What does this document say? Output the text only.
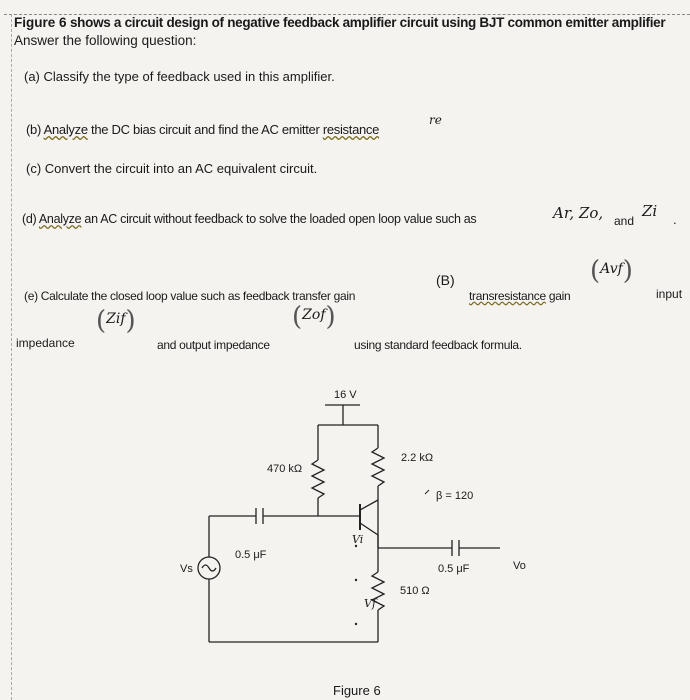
Figure 6 shows a circuit design of negative feedback amplifier circuit using BJT common emitter amplifier
Answer the following question:
(a) Classify the type of feedback used in this amplifier.
(b) Analyze the DC bias circuit and find the AC emitter resistance
re
(c) Convert the circuit into an AC equivalent circuit.
(d) Analyze an AC circuit without feedback to solve the loaded open loop value such as	Ar, Zo, and
Zi .
(e) Calculate the closed loop value such as feedback transfer gain
(B)
transresistance gain
($^{Avf}$)
input
impedance
($^{Zif}$)
and output impedance
($^{Zof}$)
using standard feedback formula.
16 V
470 kΩ
2.2 kΩ
β = 120
Vi
Vf
Vs
0.5 μF
0.5 μF	Vo
510 Ω
Figure 6
